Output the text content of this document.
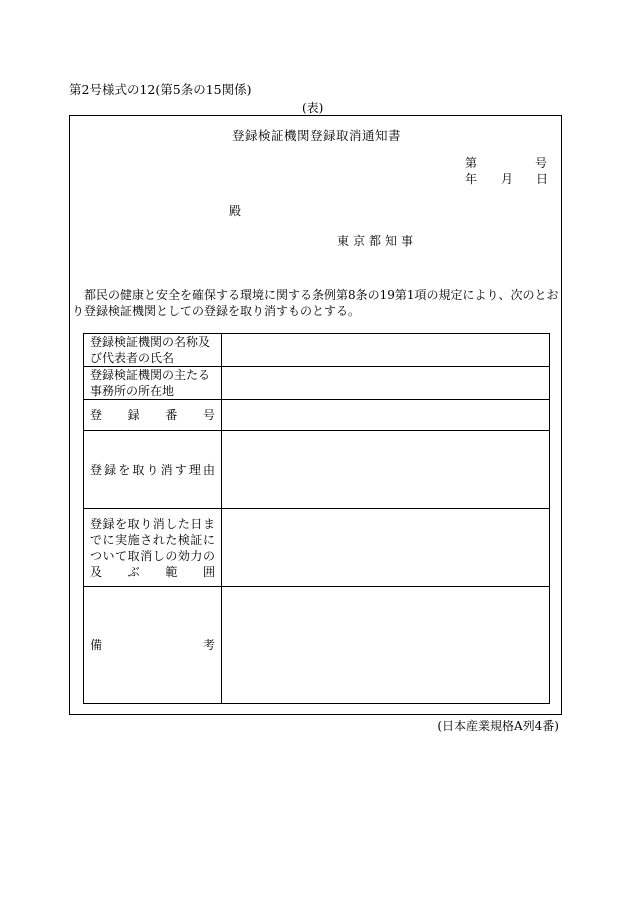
第2号様式の12(第5条の15関係)
(表)
登録検証機関登録取消通知書
第	号
年 月 日
殿
東京都知事
都民の健康と安全を確保する環境に関する条例第8条の19第1項の規定により、次のとおり登録検証機関としての登録を取り消すものとする。
登録検証機関の名称及び代表者の氏名	
登録検証機関の主たる事務所の所在地	
登録番号	
登録を取り消す理由	
登録を取り消した日までに実施された検証について取消しの効力の及ぶ範囲	

備 考	

(日本産業規格A列4番)
